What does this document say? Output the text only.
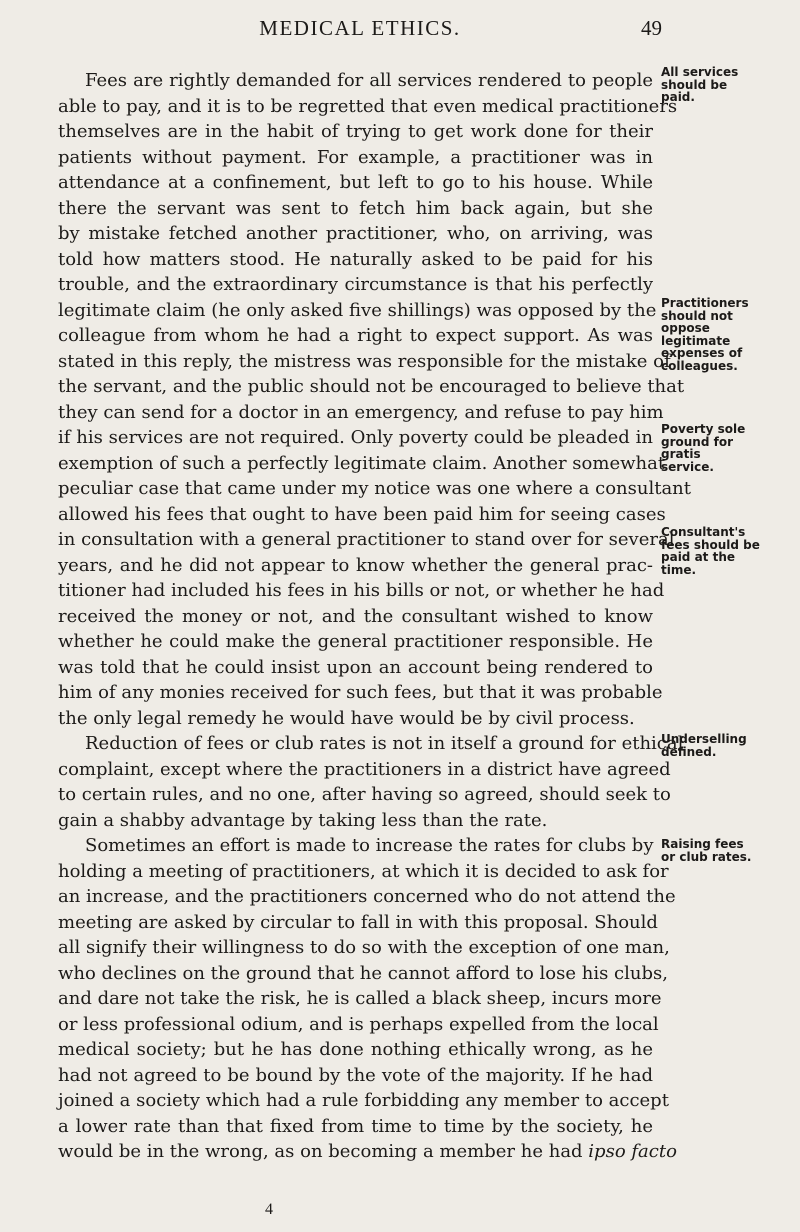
MEDICAL ETHICS.	49
Fees are rightly demanded for all services rendered to people
able to pay, and it is to be regretted that even medical practitioners
themselves are in the habit of trying to get work done for their
patients without payment. For example, a practitioner was in
attendance at a confinement, but left to go to his house. While
there the servant was sent to fetch him back again, but she
by mistake fetched another practitioner, who, on arriving, was
told how matters stood. He naturally asked to be paid for his
trouble, and the extraordinary circumstance is that his perfectly
legitimate claim (he only asked five shillings) was opposed by the
colleague from whom he had a right to expect support. As was
stated in this reply, the mistress was responsible for the mistake of
the servant, and the public should not be encouraged to believe that
they can send for a doctor in an emergency, and refuse to pay him
if his services are not required. Only poverty could be pleaded in
exemption of such a perfectly legitimate claim. Another somewhat
peculiar case that came under my notice was one where a consultant
allowed his fees that ought to have been paid him for seeing cases
in consultation with a general practitioner to stand over for several
years, and he did not appear to know whether the general prac-
titioner had included his fees in his bills or not, or whether he had
received the money or not, and the consultant wished to know
whether he could make the general practitioner responsible. He
was told that he could insist upon an account being rendered to
him of any monies received for such fees, but that it was probable
the only legal remedy he would have would be by civil process.
Reduction of fees or club rates is not in itself a ground for ethical
complaint, except where the practitioners in a district have agreed
to certain rules, and no one, after having so agreed, should seek to
gain a shabby advantage by taking less than the rate.
Sometimes an effort is made to increase the rates for clubs by
holding a meeting of practitioners, at which it is decided to ask for
an increase, and the practitioners concerned who do not attend the
meeting are asked by circular to fall in with this proposal. Should
all signify their willingness to do so with the exception of one man,
who declines on the ground that he cannot afford to lose his clubs,
and dare not take the risk, he is called a black sheep, incurs more
or less professional odium, and is perhaps expelled from the local
medical society; but he has done nothing ethically wrong, as he
had not agreed to be bound by the vote of the majority. If he had
joined a society which had a rule forbidding any member to accept
a lower rate than that fixed from time to time by the society, he
would be in the wrong, as on becoming a member he had ipso facto
All services
should be
paid.
Practitioners
should not
oppose
legitimate
expenses of
colleagues.
Poverty sole
ground for
gratis
service.
Consultant's
fees should be
paid at the
time.
Underselling
defined.
Raising fees
or club rates.
4
